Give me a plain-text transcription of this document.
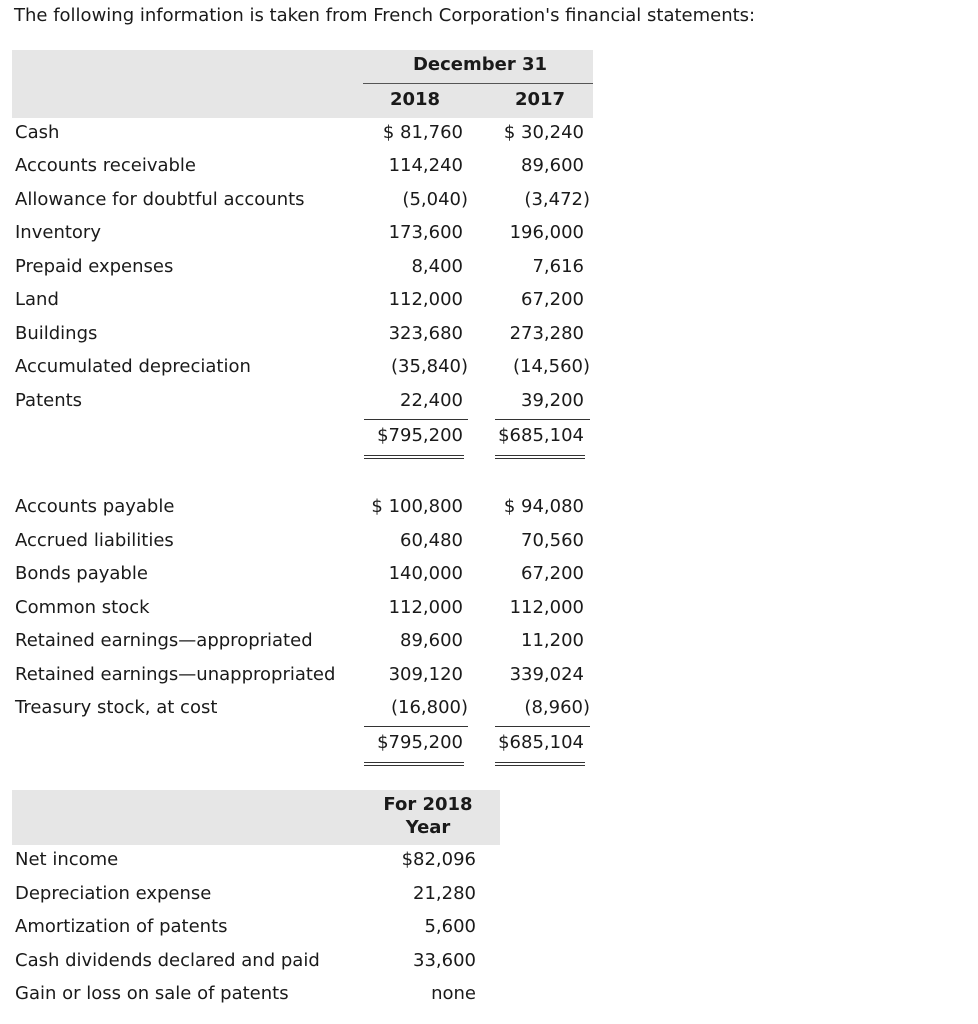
The following information is taken from French Corporation's financial statements:
December 31
2018	2017
Cash	$ 81,760 $ 30,240
Accounts receivable	114,240	89,600
Allowance for doubtful accounts	(5,040)	(3,472)
Inventory	173,600	196,000
Prepaid expenses	8,400	7,616
Land	112,000	67,200
Buildings	323,680	273,280
Accumulated depreciation	(35,840) (14,560)
Patents	22,400	39,200
$795,200 $685,104
Accounts payable	$ 100,800 $ 94,080
Accrued liabilities	60,480	70,560
Bonds payable	140,000	67,200
Common stock	112,000	112,000
Retained earnings—appropriated	89,600	11,200
Retained earnings—unappropriated	309,120	339,024
Treasury stock, at cost	(16,800)	(8,960)
$795,200 $685,104
For 2018
Year
Net income	$82,096
Depreciation expense	21,280
Amortization of patents	5,600
Cash dividends declared and paid	33,600
Gain or loss on sale of patents	none
